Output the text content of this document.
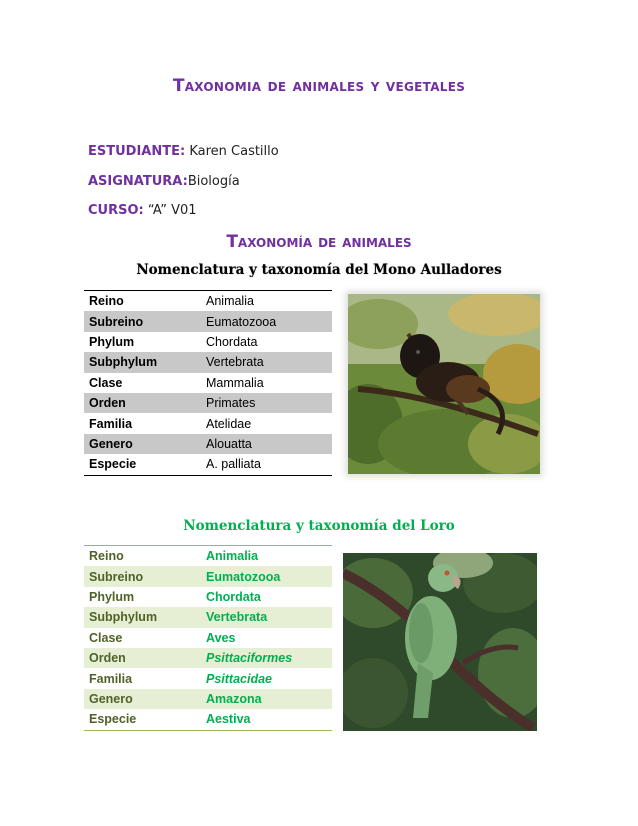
Taxonomia de animales y vegetales
ESTUDIANTE: Karen Castillo
ASIGNATURA:Biología
CURSO: “A” V01
Taxonomía de animales
Nomenclatura y taxonomía del Mono Aulladores
Reino	Animalia
Subreino	Eumatozooa
Phylum	Chordata
Subphylum	Vertebrata
Clase	Mammalia
Orden	Primates
Familia	Atelidae
Genero	Alouatta
Especie	A. palliata
Nomenclatura y taxonomía del Loro
Reino	Animalia
Subreino	Eumatozooa
Phylum	Chordata
Subphylum	Vertebrata
Clase	Aves
Orden	Psittaciformes
Familia	Psittacidae
Genero	Amazona
Especie	Aestiva
